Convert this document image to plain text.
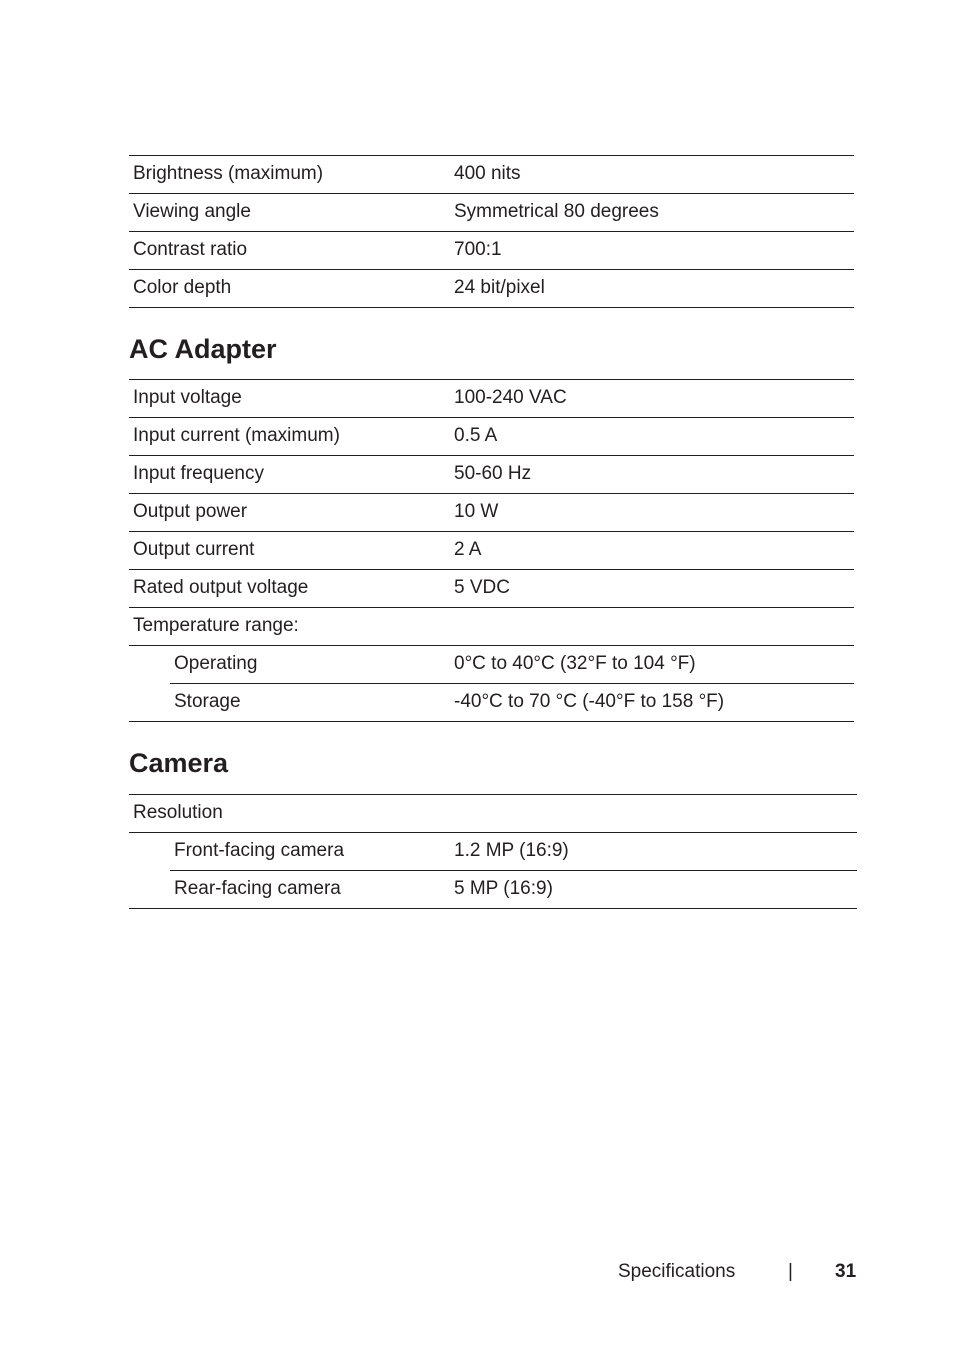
Brightness (maximum)	400 nits
Viewing angle	Symmetrical 80 degrees
Contrast ratio	700:1
Color depth	24 bit/pixel
AC Adapter
Input voltage	100-240 VAC
Input current (maximum)	0.5 A
Input frequency	50-60 Hz
Output power	10 W
Output current	2 A
Rated output voltage	5 VDC
Temperature range:
Operating	0°C to 40°C (32°F to 104 °F)
Storage	-40°C to 70 °C (-40°F to 158 °F)
Camera
Resolution
Front-facing camera	1.2 MP (16:9)
Rear-facing camera	5 MP (16:9)
Specifications	| 31
